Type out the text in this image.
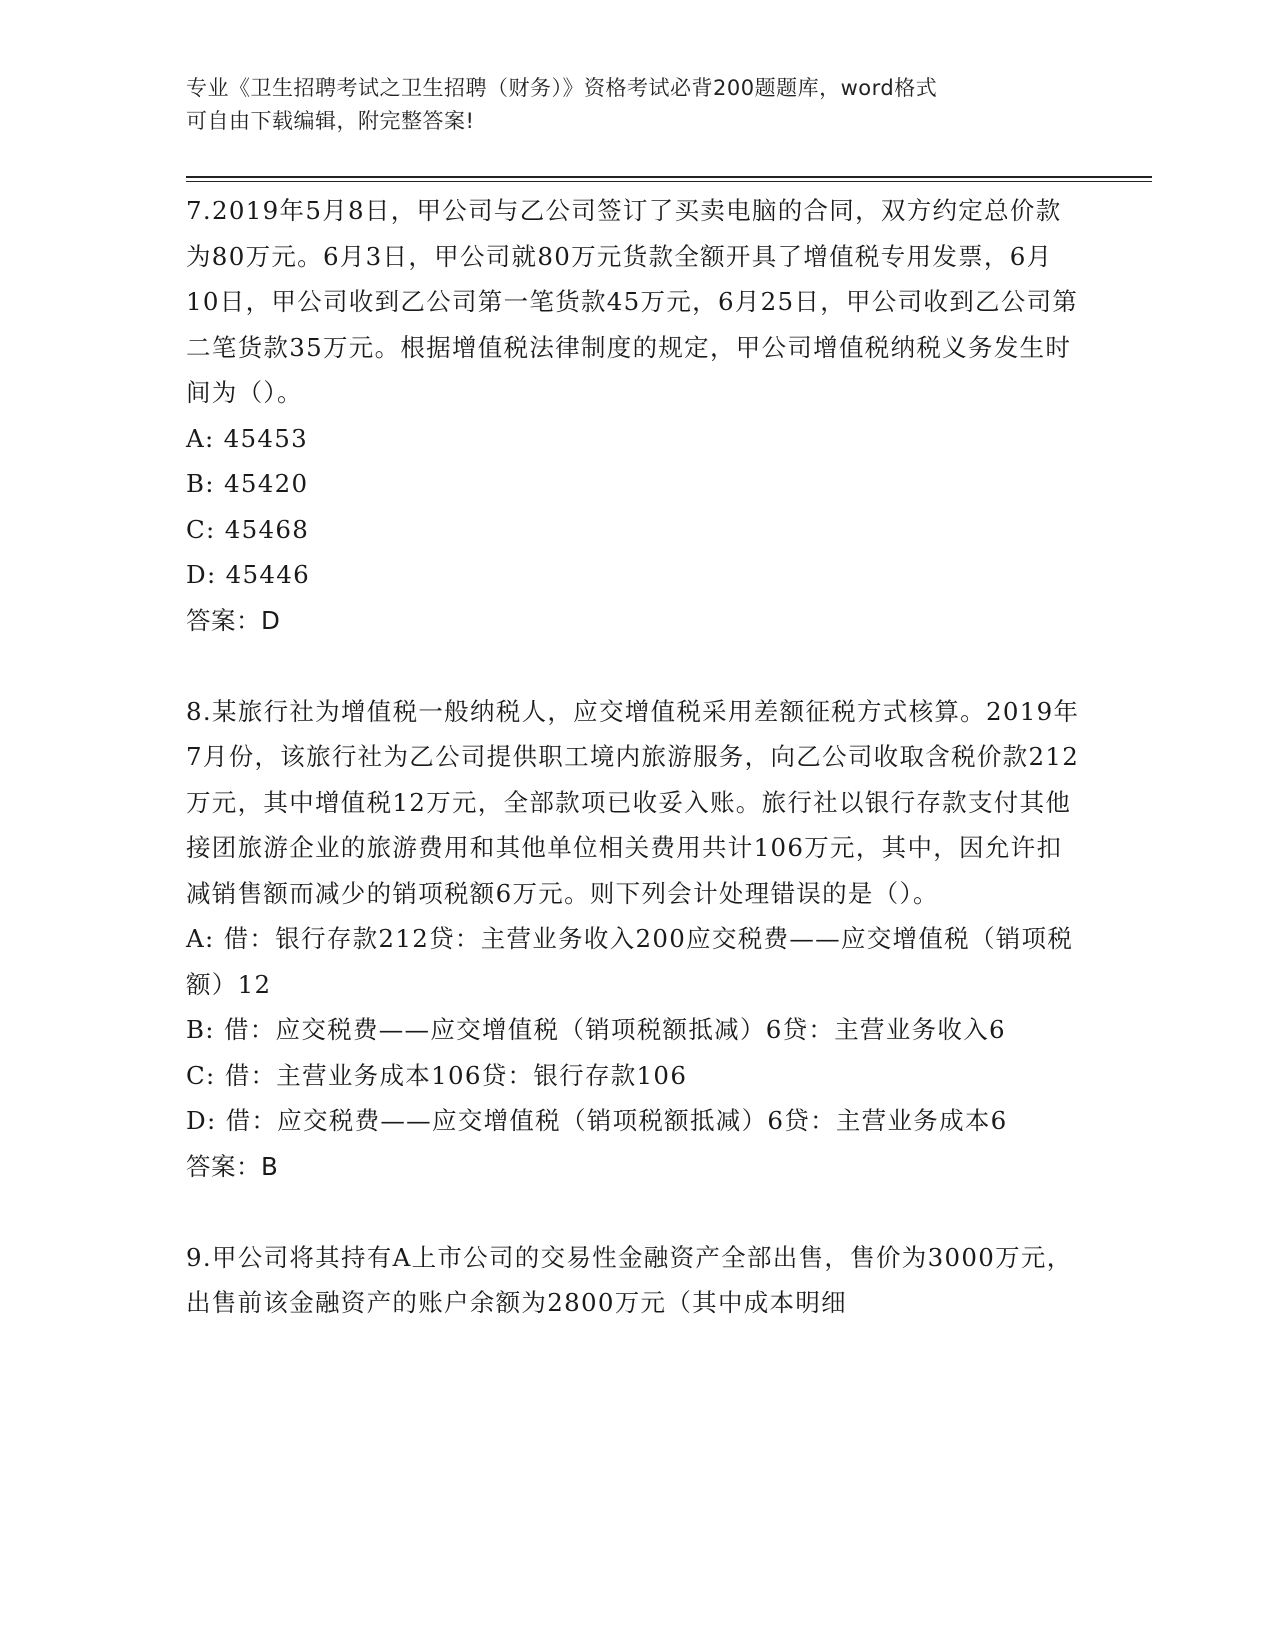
专业《卫生招聘考试之卫生招聘（财务）》资格考试必背200题题库，word格式
可自由下载编辑，附完整答案!

7.2019年5月8日，甲公司与乙公司签订了买卖电脑的合同，双方约定总价款为80万元。6月3日，甲公司就80万元货款全额开具了增值税专用发票，6月10日，甲公司收到乙公司第一笔货款45万元，6月25日，甲公司收到乙公司第二笔货款35万元。根据增值税法律制度的规定，甲公司增值税纳税义务发生时间为（）。

A: 45453

B: 45420

C: 45468

D: 45446

答案：D

8.某旅行社为增值税一般纳税人，应交增值税采用差额征税方式核算。2019年7月份，该旅行社为乙公司提供职工境内旅游服务，向乙公司收取含税价款212万元，其中增值税12万元，全部款项已收妥入账。旅行社以银行存款支付其他接团旅游企业的旅游费用和其他单位相关费用共计106万元，其中，因允许扣减销售额而减少的销项税额6万元。则下列会计处理错误的是（）。

A: 借：银行存款212贷：主营业务收入200应交税费——应交增值税（销项税额）12

B: 借：应交税费——应交增值税（销项税额抵减）6贷：主营业务收入6

C: 借：主营业务成本106贷：银行存款106

D: 借：应交税费——应交增值税（销项税额抵减）6贷：主营业务成本6

答案：B

9.甲公司将其持有A上市公司的交易性金融资产全部出售，售价为3000万元，出售前该金融资产的账户余额为2800万元（其中成本明细
